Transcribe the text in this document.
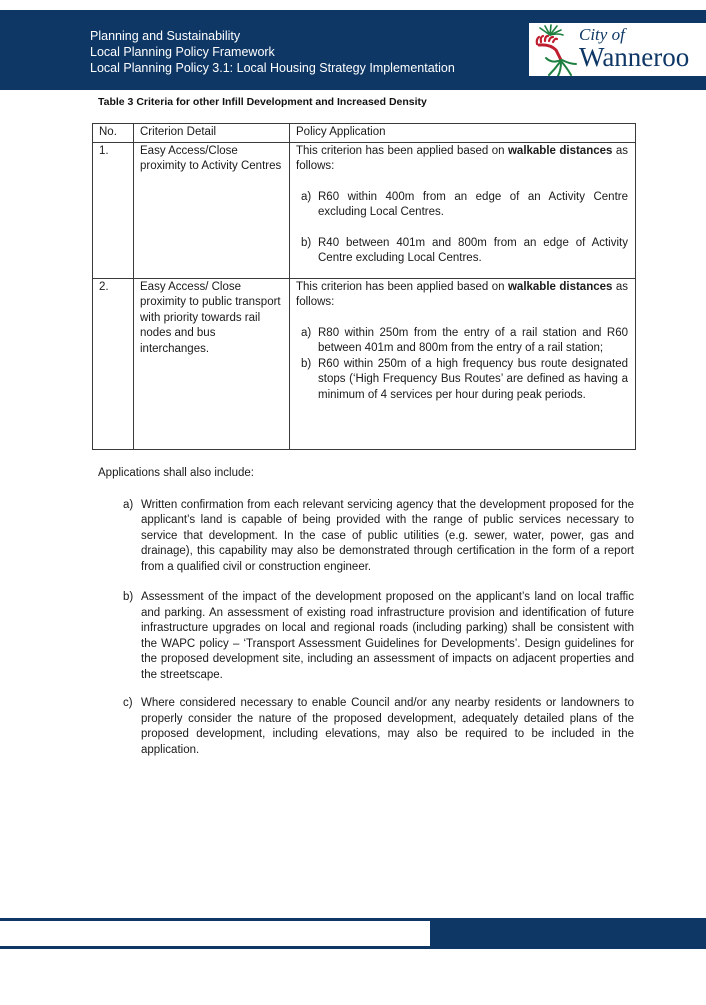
Planning and Sustainability
Local Planning Policy Framework
Local Planning Policy 3.1: Local Housing Strategy Implementation
City of
Wanneroo
Table 3 Criteria for other Infill Development and Increased Density
No.	Criterion Detail	Policy Application
1.	Easy Access/Close proximity to Activity Centres	This criterion has been applied based on walkable distances as follows:
a) R60 within 400m from an edge of an Activity Centre excluding Local Centres.
b) R40 between 401m and 800m from an edge of Activity Centre excluding Local Centres.

2.	Easy Access/ Close proximity to public transport with priority towards rail nodes and bus interchanges.	This criterion has been applied based on walkable distances as follows:
a) R80 within 250m from the entry of a rail station and R60 between 401m and 800m from the entry of a rail station;
b) R60 within 250m of a high frequency bus route designated stops (‘High Frequency Bus Routes’ are defined as having a minimum of 4 services per hour during peak periods.
Applications shall also include:
a) Written confirmation from each relevant servicing agency that the development proposed for the applicant’s land is capable of being provided with the range of public services necessary to service that development. In the case of public utilities (e.g. sewer, water, power, gas and drainage), this capability may also be demonstrated through certification in the form of a report from a qualified civil or construction engineer.
b) Assessment of the impact of the development proposed on the applicant’s land on local traffic and parking. An assessment of existing road infrastructure provision and identification of future infrastructure upgrades on local and regional roads (including parking) shall be consistent with the WAPC policy – ‘Transport Assessment Guidelines for Developments’. Design guidelines for the proposed development site, including an assessment of impacts on adjacent properties and the streetscape.
c) Where considered necessary to enable Council and/or any nearby residents or landowners to properly consider the nature of the proposed development, adequately detailed plans of the proposed development, including elevations, may also be required to be included in the application.
